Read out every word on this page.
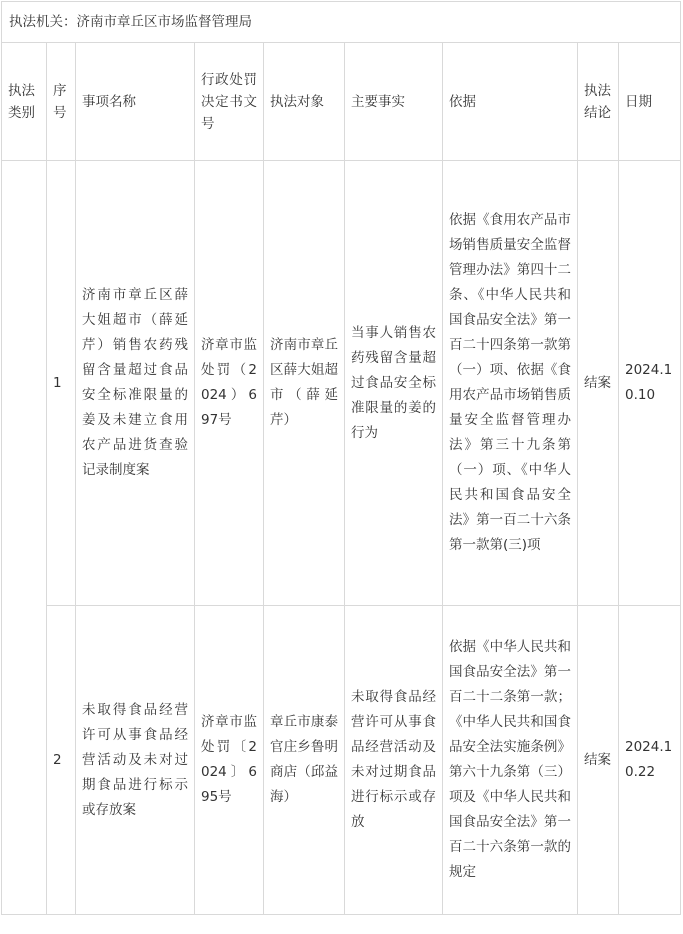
执法机关：济南市章丘区市场监督管理局								
执法类别	序号	事项名称	行政处罚决定书文号	执法对象	主要事实	依据	执法结论	日期
	1	济南市章丘区薛大姐超市（薛延芹）销售农药残留含量超过食品安全标准限量的姜及未建立食用农产品进货查验记录制度案	济章市监处罚（2024）697号	济南市章丘区薛大姐超市（薛延芹）	当事人销售农药残留含量超过食品安全标准限量的姜的行为	依据《食用农产品市场销售质量安全监督管理办法》第四十二条、《中华人民共和国食品安全法》第一百二十四条第一款第（一）项、依据《食用农产品市场销售质量安全监督管理办法》第三十九条第（一）项、《中华人民共和国食品安全法》第一百二十六条第一款第(三)项	结案	2024.10.10
	2	未取得食品经营许可从事食品经营活动及未对过期食品进行标示或存放案	济章市监处罚〔2024〕695号	章丘市康泰官庄乡鲁明商店（邱益海）	未取得食品经营许可从事食品经营活动及未对过期食品进行标示或存放	依据《中华人民共和国食品安全法》第一百二十二条第一款；《中华人民共和国食品安全法实施条例》第六十九条第（三）项及《中华人民共和国食品安全法》第一百二十六条第一款的规定	结案	2024.10.22
